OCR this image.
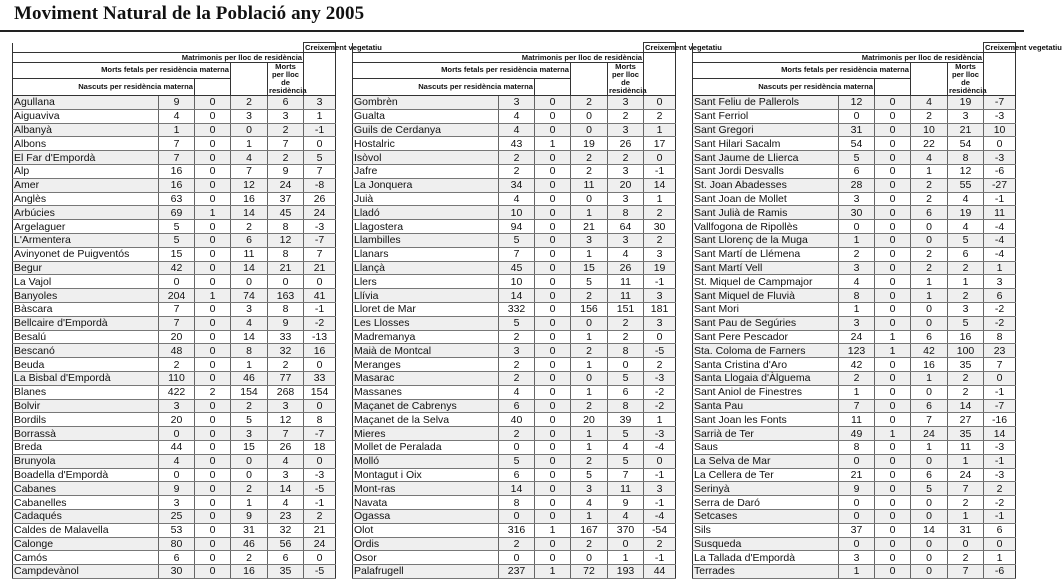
Moviment Natural de la Població any 2005
					Creixement vegetatiu
Matrimonis per lloc de residència					
Morts fetals per residència materna				Morts per lloc de residència	
Nascuts per residència materna					
Agullana	9	0	2	6	3
Aiguaviva	4	0	3	3	1
Albanyà	1	0	0	2	-1
Albons	7	0	1	7	0
El Far d'Empordà	7	0	4	2	5
Alp	16	0	7	9	7
Amer	16	0	12	24	-8
Anglès	63	0	16	37	26
Arbúcies	69	1	14	45	24
Argelaguer	5	0	2	8	-3
L'Armentera	5	0	6	12	-7
Avinyonet de Puigventós	15	0	11	8	7
Begur	42	0	14	21	21
La Vajol	0	0	0	0	0
Banyoles	204	1	74	163	41
Bàscara	7	0	3	8	-1
Bellcaire d'Empordà	7	0	4	9	-2
Besalú	20	0	14	33	-13
Bescanó	48	0	8	32	16
Beuda	2	0	1	2	0
La Bisbal d'Empordà	110	0	46	77	33
Blanes	422	2	154	268	154
Bolvir	3	0	2	3	0
Bordils	20	0	5	12	8
Borrassà	0	0	3	7	-7
Breda	44	0	15	26	18
Brunyola	4	0	0	4	0
Boadella d'Empordà	0	0	0	3	-3
Cabanes	9	0	2	14	-5
Cabanelles	3	0	1	4	-1
Cadaqués	25	0	9	23	2
Caldes de Malavella	53	0	31	32	21
Calonge	80	0	46	56	24
Camós	6	0	2	6	0
Campdevànol	30	0	16	35	-5
					Creixement vegetatiu
Matrimonis per lloc de residència					
Morts fetals per residència materna				Morts per lloc de residència	
Nascuts per residència materna					
Gombrèn	3	0	2	3	0
Gualta	4	0	0	2	2
Guils de Cerdanya	4	0	0	3	1
Hostalric	43	1	19	26	17
Isòvol	2	0	2	2	0
Jafre	2	0	2	3	-1
La Jonquera	34	0	11	20	14
Juià	4	0	0	3	1
Lladó	10	0	1	8	2
Llagostera	94	0	21	64	30
Llambilles	5	0	3	3	2
Llanars	7	0	1	4	3
Llançà	45	0	15	26	19
Llers	10	0	5	11	-1
Llívia	14	0	2	11	3
Lloret de Mar	332	0	156	151	181
Les Llosses	5	0	0	2	3
Madremanya	2	0	1	2	0
Maià de Montcal	3	0	2	8	-5
Meranges	2	0	1	0	2
Masarac	2	0	0	5	-3
Massanes	4	0	1	6	-2
Maçanet de Cabrenys	6	0	2	8	-2
Maçanet de la Selva	40	0	20	39	1
Mieres	2	0	1	5	-3
Mollet de Peralada	0	0	1	4	-4
Molló	5	0	2	5	0
Montagut i Oix	6	0	5	7	-1
Mont-ras	14	0	3	11	3
Navata	8	0	4	9	-1
Ogassa	0	0	1	4	-4
Olot	316	1	167	370	-54
Ordis	2	0	2	0	2
Osor	0	0	0	1	-1
Palafrugell	237	1	72	193	44
					Creixement vegetatiu
Matrimonis per lloc de residència					
Morts fetals per residència materna				Morts per lloc de residència	
Nascuts per residència materna					
Sant Feliu de Pallerols	12	0	4	19	-7
Sant Ferriol	0	0	2	3	-3
Sant Gregori	31	0	10	21	10
Sant Hilari Sacalm	54	0	22	54	0
Sant Jaume de Llierca	5	0	4	8	-3
Sant Jordi Desvalls	6	0	1	12	-6
St. Joan Abadesses	28	0	2	55	-27
Sant Joan de Mollet	3	0	2	4	-1
Sant Julià de Ramis	30	0	6	19	11
Vallfogona de Ripollès	0	0	0	4	-4
Sant Llorenç de la Muga	1	0	0	5	-4
Sant Martí de Llémena	2	0	2	6	-4
Sant Martí Vell	3	0	2	2	1
St. Miquel de Campmajor	4	0	1	1	3
Sant Miquel de Fluvià	8	0	1	2	6
Sant Mori	1	0	0	3	-2
Sant Pau de Segúries	3	0	0	5	-2
Sant Pere Pescador	24	1	6	16	8
Sta. Coloma de Farners	123	1	42	100	23
Santa Cristina d'Aro	42	0	16	35	7
Santa Llogaia d'Àlguema	2	0	1	2	0
Sant Aniol de Finestres	1	0	0	2	-1
Santa Pau	7	0	6	14	-7
Sant Joan les Fonts	11	0	7	27	-16
Sarrià de Ter	49	1	24	35	14
Saus	8	0	1	11	-3
La Selva de Mar	0	0	0	1	-1
La Cellera de Ter	21	0	6	24	-3
Serinyà	9	0	5	7	2
Serra de Daró	0	0	0	2	-2
Setcases	0	0	0	1	-1
Sils	37	0	14	31	6
Susqueda	0	0	0	0	0
La Tallada d'Empordà	3	0	0	2	1
Terrades	1	0	0	7	-6
